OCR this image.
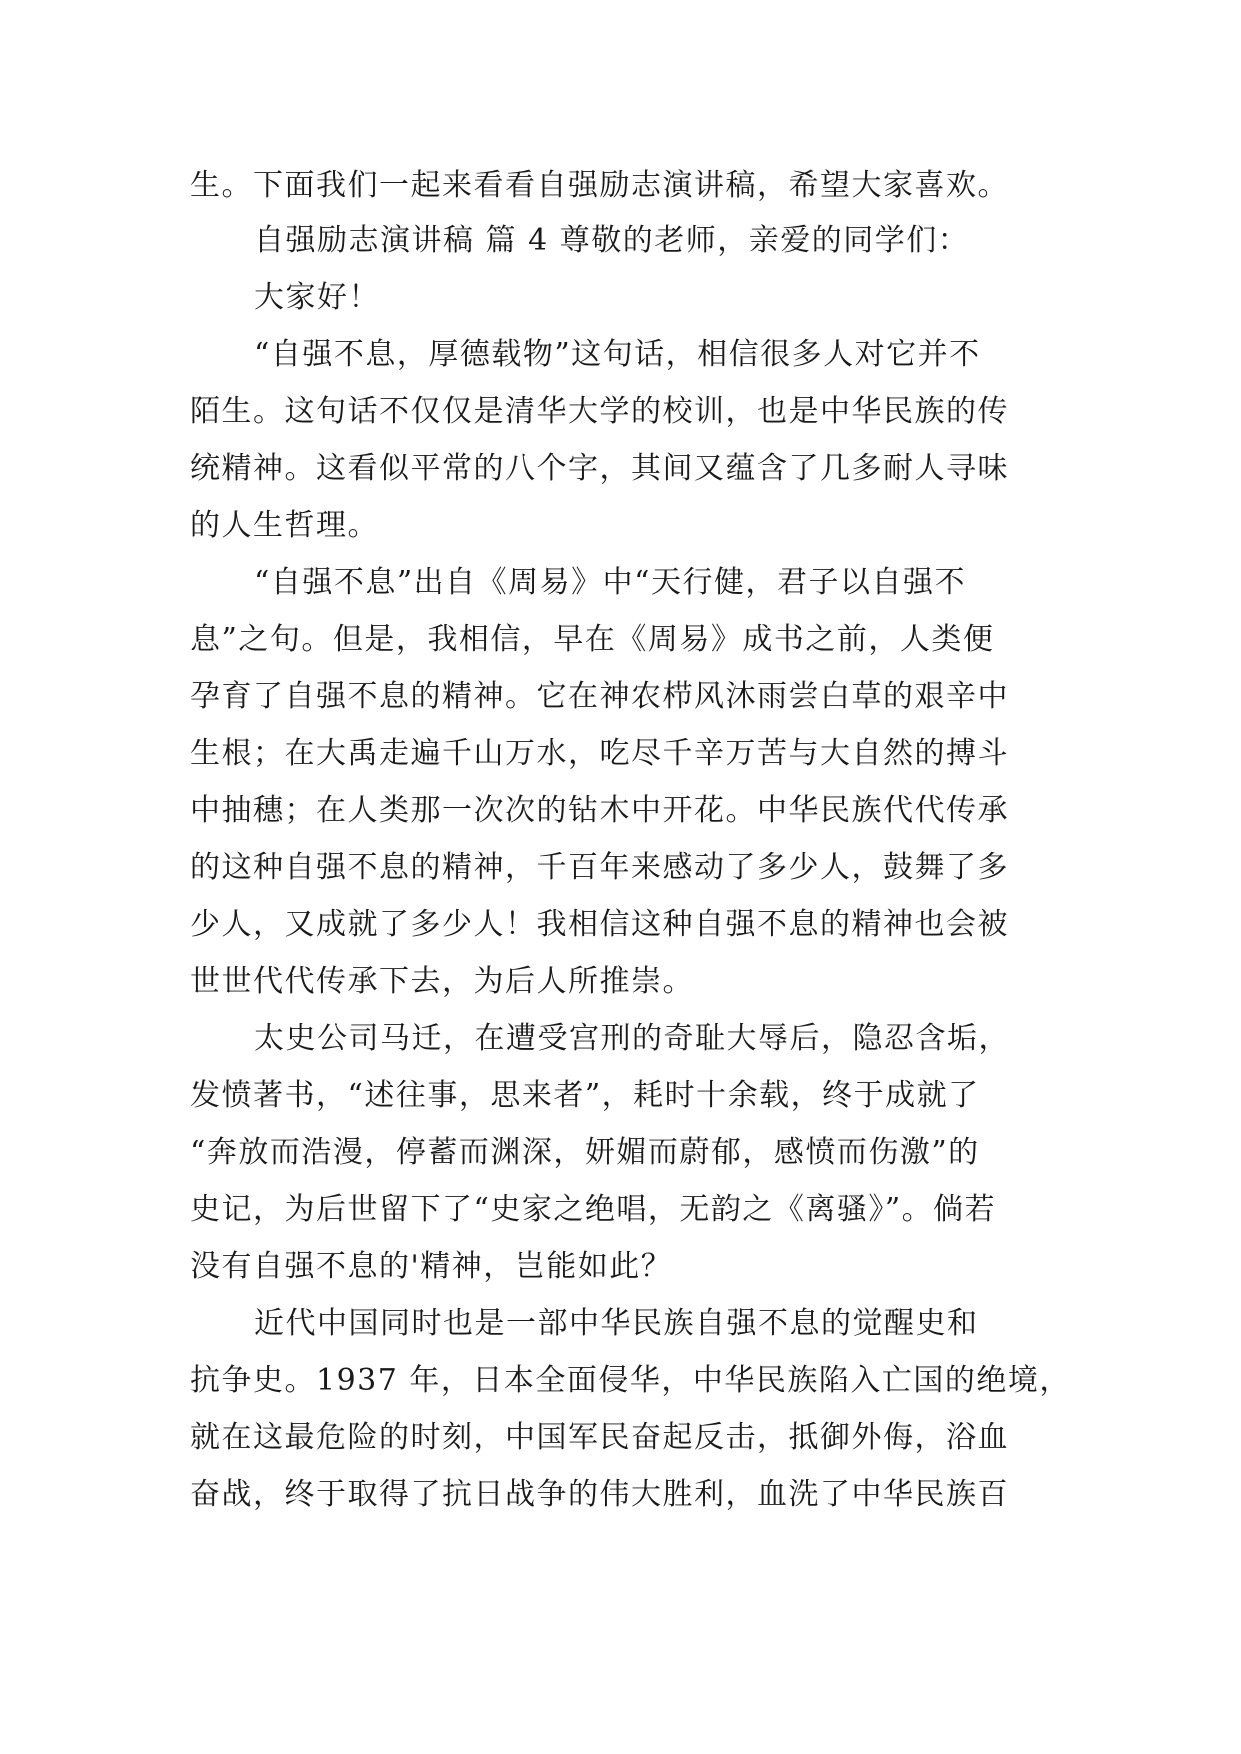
生。下面我们一起来看看自强励志演讲稿，希望大家喜欢。
自强励志演讲稿 篇 4 尊敬的老师，亲爱的同学们：
大家好！
“自强不息，厚德载物”这句话，相信很多人对它并不
陌生。这句话不仅仅是清华大学的校训，也是中华民族的传
统精神。这看似平常的八个字，其间又蕴含了几多耐人寻味
的人生哲理。
“自强不息”出自《周易》中“天行健，君子以自强不
息”之句。但是，我相信，早在《周易》成书之前，人类便
孕育了自强不息的精神。它在神农栉风沐雨尝白草的艰辛中
生根；在大禹走遍千山万水，吃尽千辛万苦与大自然的搏斗
中抽穗；在人类那一次次的钻木中开花。中华民族代代传承
的这种自强不息的精神，千百年来感动了多少人，鼓舞了多
少人，又成就了多少人！我相信这种自强不息的精神也会被
世世代代传承下去，为后人所推崇。
太史公司马迁，在遭受宫刑的奇耻大辱后，隐忍含垢，
发愤著书，“述往事，思来者”，耗时十余载，终于成就了
“奔放而浩漫，停蓄而渊深，妍媚而蔚郁，感愤而伤激”的
史记，为后世留下了“史家之绝唱，无韵之《离骚》”。倘若
没有自强不息的'精神，岂能如此？
近代中国同时也是一部中华民族自强不息的觉醒史和
抗争史。1937 年，日本全面侵华，中华民族陷入亡国的绝境，
就在这最危险的时刻，中国军民奋起反击，抵御外侮，浴血
奋战，终于取得了抗日战争的伟大胜利，血洗了中华民族百
